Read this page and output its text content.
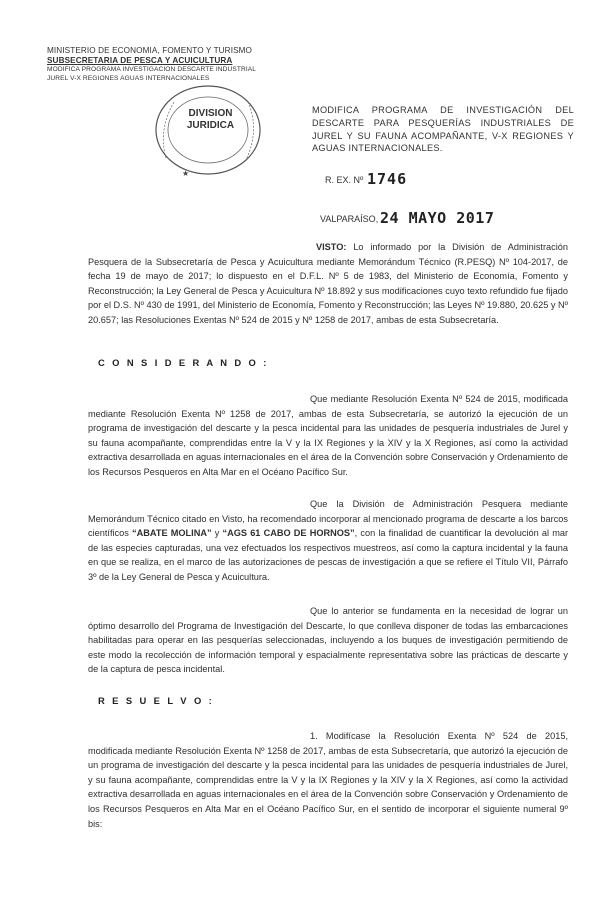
MINISTERIO DE ECONOMIA, FOMENTO Y TURISMO
SUBSECRETARIA DE PESCA Y ACUICULTURA
MODIFICA PROGRAMA INVESTIGACION DESCARTE INDUSTRIAL
JUREL V-X REGIONES AGUAS INTERNACIONALES
★
DIVISION JURIDICA
MODIFICA PROGRAMA DE INVESTIGACIÓN DEL DESCARTE PARA PESQUERÍAS INDUSTRIALES DE JUREL Y SU FAUNA ACOMPAÑANTE, V-X REGIONES Y AGUAS INTERNACIONALES.
R. EX. Nº 1746
VALPARAÍSO, 24 MAYO 2017
VISTO: Lo informado por la División de Administración Pesquera de la Subsecretaría de Pesca y Acuicultura mediante Memorándum Técnico (R.PESQ) Nº 104-2017, de fecha 19 de mayo de 2017; lo dispuesto en el D.F.L. Nº 5 de 1983, del Ministerio de Economía, Fomento y Reconstrucción; la Ley General de Pesca y Acuicultura Nº 18.892 y sus modificaciones cuyo texto refundido fue fijado por el D.S. Nº 430 de 1991, del Ministerio de Economía, Fomento y Reconstrucción; las Leyes Nº 19.880, 20.625 y Nº 20.657; las Resoluciones Exentas Nº 524 de 2015 y Nº 1258 de 2017, ambas de esta Subsecretaría.
C O N S I D E R A N D O :
Que mediante Resolución Exenta Nº 524 de 2015, modificada mediante Resolución Exenta Nº 1258 de 2017, ambas de esta Subsecretaría, se autorizó la ejecución de un programa de investigación del descarte y la pesca incidental para las unidades de pesquería industriales de Jurel y su fauna acompañante, comprendidas entre la V y la IX Regiones y la XIV y la X Regiones, así como la actividad extractiva desarrollada en aguas internacionales en el área de la Convención sobre Conservación y Ordenamiento de los Recursos Pesqueros en Alta Mar en el Océano Pacífico Sur.
Que la División de Administración Pesquera mediante Memorándum Técnico citado en Visto, ha recomendado incorporar al mencionado programa de descarte a los barcos científicos “ABATE MOLINA” y “AGS 61 CABO DE HORNOS”, con la finalidad de cuantificar la devolución al mar de las especies capturadas, una vez efectuados los respectivos muestreos, así como la captura incidental y la fauna en que se realiza, en el marco de las autorizaciones de pescas de investigación a que se refiere el Título VII, Párrafo 3º de la Ley General de Pesca y Acuicultura.
Que lo anterior se fundamenta en la necesidad de lograr un óptimo desarrollo del Programa de Investigación del Descarte, lo que conlleva disponer de todas las embarcaciones habilitadas para operar en las pesquerías seleccionadas, incluyendo a los buques de investigación permitiendo de este modo la recolección de información temporal y espacialmente representativa sobre las prácticas de descarte y de la captura de pesca incidental.
R E S U E L V O :
1. Modifícase la Resolución Exenta Nº 524 de 2015, modificada mediante Resolución Exenta Nº 1258 de 2017, ambas de esta Subsecretaría, que autorizó la ejecución de un programa de investigación del descarte y la pesca incidental para las unidades de pesquería industriales de Jurel, y su fauna acompañante, comprendidas entre la V y la IX Regiones y la XIV y la X Regiones, así como la actividad extractiva desarrollada en aguas internacionales en el área de la Convención sobre Conservación y Ordenamiento de los Recursos Pesqueros en Alta Mar en el Océano Pacífico Sur, en el sentido de incorporar el siguiente numeral 9º bis:
